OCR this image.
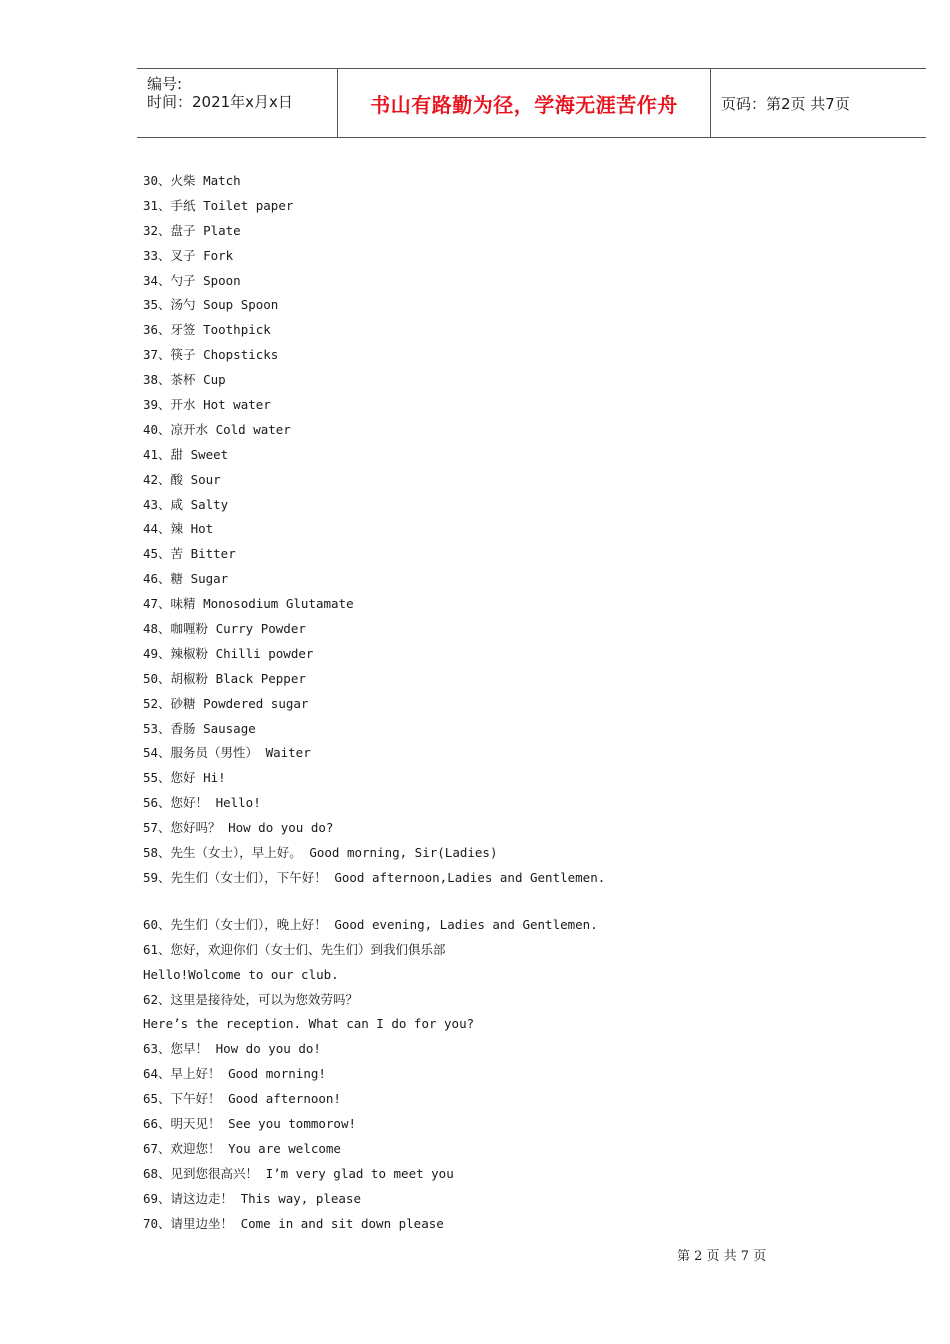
编号:
时间：2021年x月x日	书山有路勤为径，学海无涯苦作舟	页码：第2页 共7页
30、火柴 Match
31、手纸 Toilet paper
32、盘子 Plate
33、叉子 Fork
34、勺子 Spoon
35、汤勺 Soup Spoon
36、牙签 Toothpick
37、筷子 Chopsticks
38、茶杯 Cup
39、开水 Hot water
40、凉开水 Cold water
41、甜 Sweet
42、酸 Sour
43、咸 Salty
44、辣 Hot
45、苦 Bitter
46、糖 Sugar
47、味精 Monosodium Glutamate
48、咖喱粉 Curry Powder
49、辣椒粉 Chilli powder
50、胡椒粉 Black Pepper
52、砂糖 Powdered sugar
53、香肠 Sausage
54、服务员（男性） Waiter
55、您好 Hi!
56、您好！ Hello!
57、您好吗？ How do you do?
58、先生（女士），早上好。 Good morning, Sir(Ladies)
59、先生们（女士们），下午好！ Good afternoon,Ladies and Gentlemen.
60、先生们（女士们），晚上好！ Good evening, Ladies and Gentlemen.
61、您好，欢迎你们（女士们、先生们）到我们俱乐部
Hello!Wolcome to our club.
62、这里是接待处，可以为您效劳吗？
Here’s the reception. What can I do for you?
63、您早！ How do you do!
64、早上好！ Good morning!
65、下午好！ Good afternoon!
66、明天见！ See you tommorow!
67、欢迎您！ You are welcome
68、见到您很高兴！ I’m very glad to meet you
69、请这边走！ This way, please
70、请里边坐！ Come in and sit down please
第 2 页 共 7 页
